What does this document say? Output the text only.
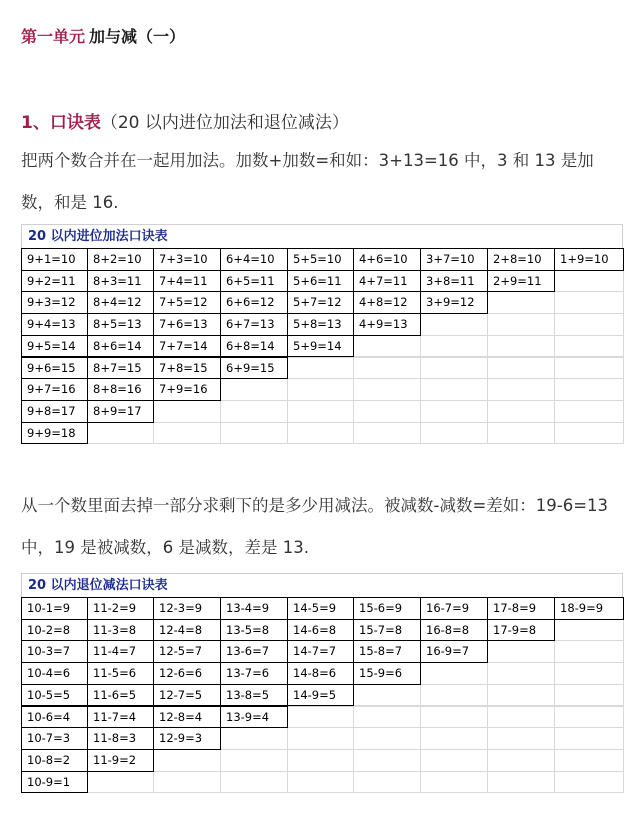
第一单元 加与减（一）
1、口诀表（20 以内进位加法和退位减法）
把两个数合并在一起用加法。加数+加数=和如：3+13=16 中，3 和 13 是加数，和是 16.
20 以内进位加法口诀表
9+1=10
9+2=11
9+3=12
9+4=13
9+5=14
9+6=15
9+7=16
9+8=17
9+9=18
8+2=10
8+3=11
8+4=12
8+5=13
8+6=14
8+7=15
8+8=16
8+9=17
7+3=10
7+4=11
7+5=12
7+6=13
7+7=14
7+8=15
7+9=16
6+4=10
6+5=11
6+6=12
6+7=13
6+8=14
6+9=15
5+5=10
5+6=11
5+7=12
5+8=13
5+9=14
4+6=10
4+7=11
4+8=12
4+9=13
3+7=10
3+8=11
3+9=12
2+8=10
2+9=11
1+9=10
从一个数里面去掉一部分求剩下的是多少用减法。被减数-减数=差如：19-6=13 中，19 是被减数，6 是减数，差是 13.
20 以内退位减法口诀表
10-1=9
10-2=8
10-3=7
10-4=6
10-5=5
10-6=4
10-7=3
10-8=2
10-9=1
11-2=9
11-3=8
11-4=7
11-5=6
11-6=5
11-7=4
11-8=3
11-9=2
12-3=9
12-4=8
12-5=7
12-6=6
12-7=5
12-8=4
12-9=3
13-4=9
13-5=8
13-6=7
13-7=6
13-8=5
13-9=4
14-5=9
14-6=8
14-7=7
14-8=6
14-9=5
15-6=9
15-7=8
15-8=7
15-9=6
16-7=9
16-8=8
16-9=7
17-8=9
17-9=8
18-9=9
